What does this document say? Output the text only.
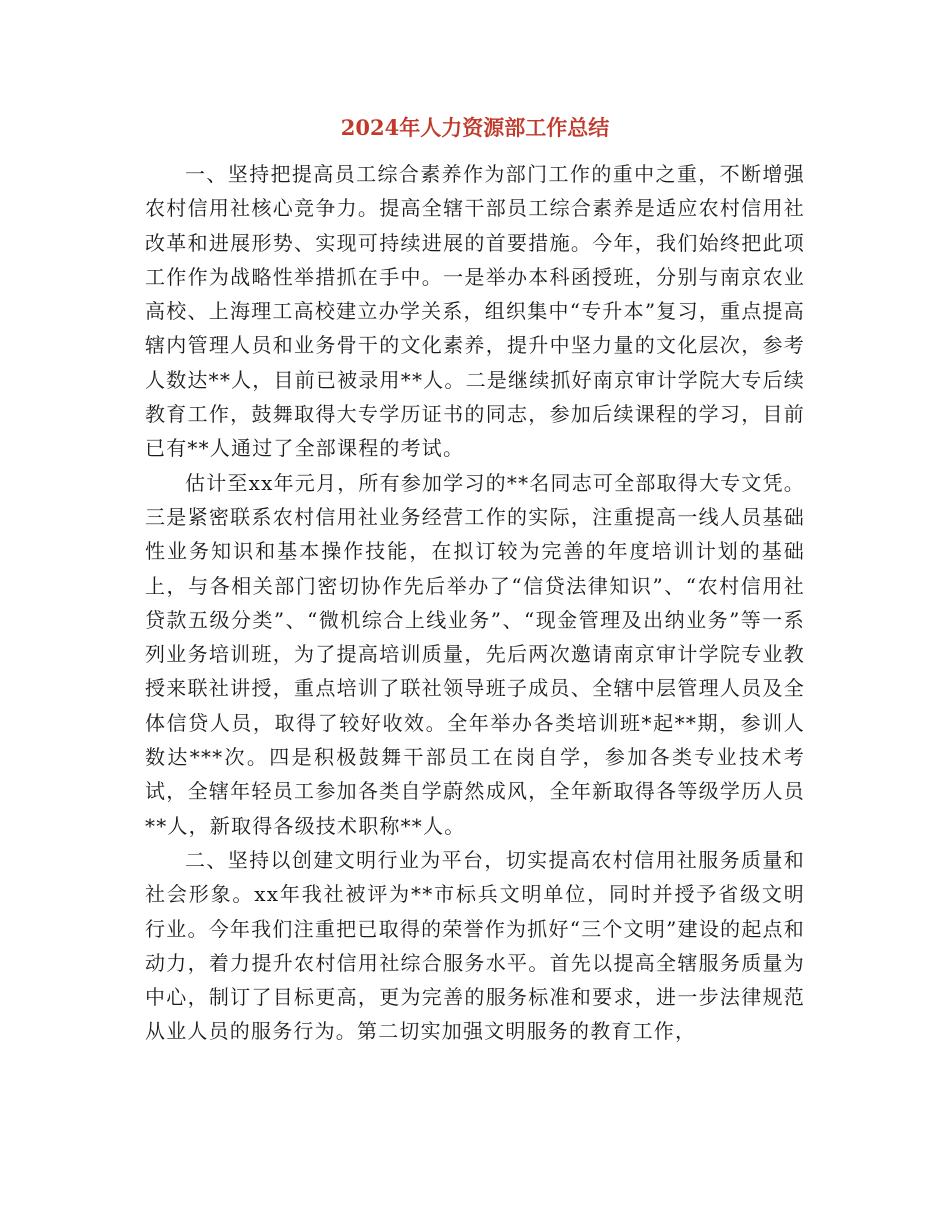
2024年人力资源部工作总结

一、坚持把提高员工综合素养作为部门工作的重中之重，不断增强农村信用社核心竞争力。提高全辖干部员工综合素养是适应农村信用社改革和进展形势、实现可持续进展的首要措施。今年，我们始终把此项工作作为战略性举措抓在手中。一是举办本科函授班，分别与南京农业高校、上海理工高校建立办学关系，组织集中“专升本”复习，重点提高辖内管理人员和业务骨干的文化素养，提升中坚力量的文化层次，参考人数达**人，目前已被录用**人。二是继续抓好南京审计学院大专后续教育工作，鼓舞取得大专学历证书的同志，参加后续课程的学习，目前已有**人通过了全部课程的考试。

估计至xx年元月，所有参加学习的**名同志可全部取得大专文凭。三是紧密联系农村信用社业务经营工作的实际，注重提高一线人员基础性业务知识和基本操作技能，在拟订较为完善的年度培训计划的基础上，与各相关部门密切协作先后举办了“信贷法律知识”、“农村信用社贷款五级分类”、“微机综合上线业务”、“现金管理及出纳业务”等一系列业务培训班，为了提高培训质量，先后两次邀请南京审计学院专业教授来联社讲授，重点培训了联社领导班子成员、全辖中层管理人员及全体信贷人员，取得了较好收效。全年举办各类培训班*起**期，参训人数达***次。四是积极鼓舞干部员工在岗自学，参加各类专业技术考试，全辖年轻员工参加各类自学蔚然成风，全年新取得各等级学历人员**人，新取得各级技术职称**人。

二、坚持以创建文明行业为平台，切实提高农村信用社服务质量和社会形象。xx年我社被评为**市标兵文明单位，同时并授予省级文明行业。今年我们注重把已取得的荣誉作为抓好“三个文明”建设的起点和动力，着力提升农村信用社综合服务水平。首先以提高全辖服务质量为中心，制订了目标更高，更为完善的服务标准和要求，进一步法律规范从业人员的服务行为。第二切实加强文明服务的教育工作，
